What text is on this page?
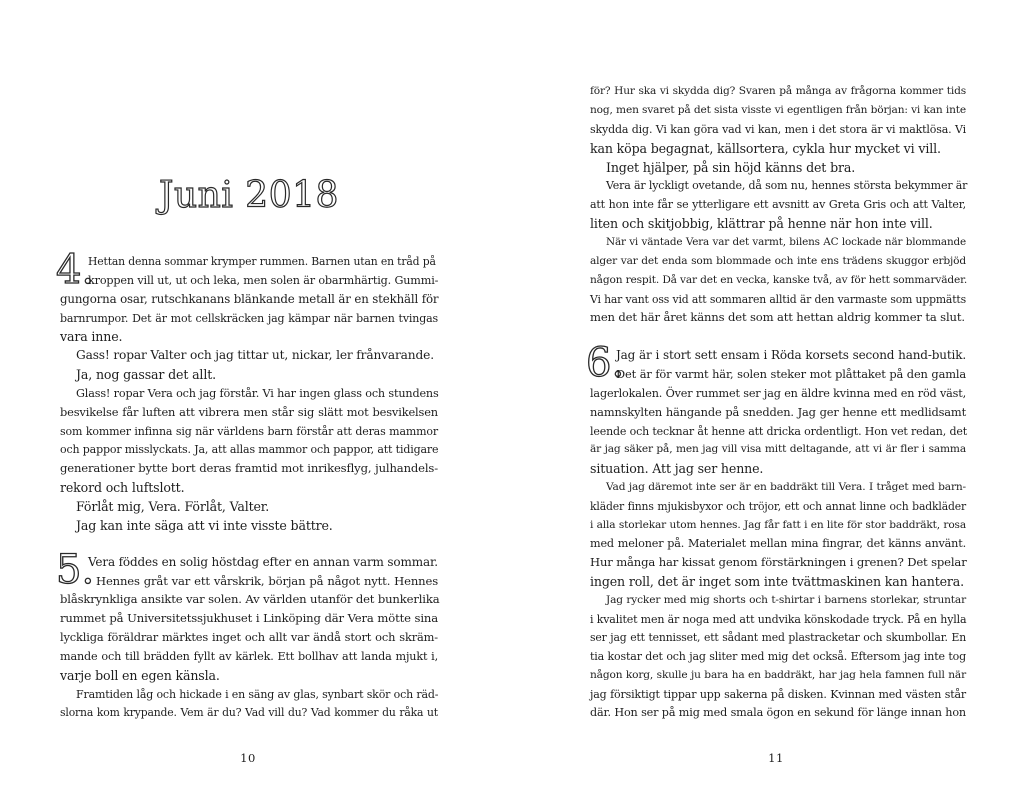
Juni 2018
4.
Hettan denna sommar krymper rummen. Barnen utan en tråd på
kroppen vill ut, ut och leka, men solen är obarmhärtig. Gummi-
gungorna osar, rutschkanans blänkande metall är en stekhäll för
barnrumpor. Det är mot cellskräcken jag kämpar när barnen tvingas
vara inne.
Gass! ropar Valter och jag tittar ut, nickar, ler frånvarande.
Ja, nog gassar det allt.
Glass! ropar Vera och jag förstår. Vi har ingen glass och stundens
besvikelse får luften att vibrera men står sig slätt mot besvikelsen
som kommer infinna sig när världens barn förstår att deras mammor
och pappor misslyckats. Ja, att allas mammor och pappor, att tidigare
generationer bytte bort deras framtid mot inrikesflyg, julhandels-
rekord och luftslott.
Förlåt mig, Vera. Förlåt, Valter.
Jag kan inte säga att vi inte visste bättre.
5.
Vera föddes en solig höstdag efter en annan varm sommar.
Hennes gråt var ett vårskrik, början på något nytt. Hennes
blåskrynkliga ansikte var solen. Av världen utanför det bunkerlika
rummet på Universitetssjukhuset i Linköping där Vera mötte sina
lyckliga föräldrar märktes inget och allt var ändå stort och skräm-
mande och till brädden fyllt av kärlek. Ett bollhav att landa mjukt i,
varje boll en egen känsla.
Framtiden låg och hickade i en säng av glas, synbart skör och räd-
slorna kom krypande. Vem är du? Vad vill du? Vad kommer du råka ut
10
för? Hur ska vi skydda dig? Svaren på många av frågorna kommer tids
nog, men svaret på det sista visste vi egentligen från början: vi kan inte
skydda dig. Vi kan göra vad vi kan, men i det stora är vi maktlösa. Vi
kan köpa begagnat, källsortera, cykla hur mycket vi vill.
Inget hjälper, på sin höjd känns det bra.
Vera är lyckligt ovetande, då som nu, hennes största bekymmer är
att hon inte får se ytterligare ett avsnitt av Greta Gris och att Valter,
liten och skitjobbig, klättrar på henne när hon inte vill.
När vi väntade Vera var det varmt, bilens AC lockade när blommande
alger var det enda som blommade och inte ens trädens skuggor erbjöd
någon respit. Då var det en vecka, kanske två, av för hett sommarväder.
Vi har vant oss vid att sommaren alltid är den varmaste som uppmätts
men det här året känns det som att hettan aldrig kommer ta slut.
6.
Jag är i stort sett ensam i Röda korsets second hand-butik.
Det är för varmt här, solen steker mot plåttaket på den gamla
lagerlokalen. Över rummet ser jag en äldre kvinna med en röd väst,
namnskylten hängande på snedden. Jag ger henne ett medlidsamt
leende och tecknar åt henne att dricka ordentligt. Hon vet redan, det
är jag säker på, men jag vill visa mitt deltagande, att vi är fler i samma
situation. Att jag ser henne.
Vad jag däremot inte ser är en baddräkt till Vera. I tråget med barn-
kläder finns mjukisbyxor och tröjor, ett och annat linne och badkläder
i alla storlekar utom hennes. Jag får fatt i en lite för stor baddräkt, rosa
med meloner på. Materialet mellan mina fingrar, det känns använt.
Hur många har kissat genom förstärkningen i grenen? Det spelar
ingen roll, det är inget som inte tvättmaskinen kan hantera.
Jag rycker med mig shorts och t-shirtar i barnens storlekar, struntar
i kvalitet men är noga med att undvika könskodade tryck. På en hylla
ser jag ett tennisset, ett sådant med plastracketar och skumbollar. En
tia kostar det och jag sliter med mig det också. Eftersom jag inte tog
någon korg, skulle ju bara ha en baddräkt, har jag hela famnen full när
jag försiktigt tippar upp sakerna på disken. Kvinnan med västen står
där. Hon ser på mig med smala ögon en sekund för länge innan hon
11
